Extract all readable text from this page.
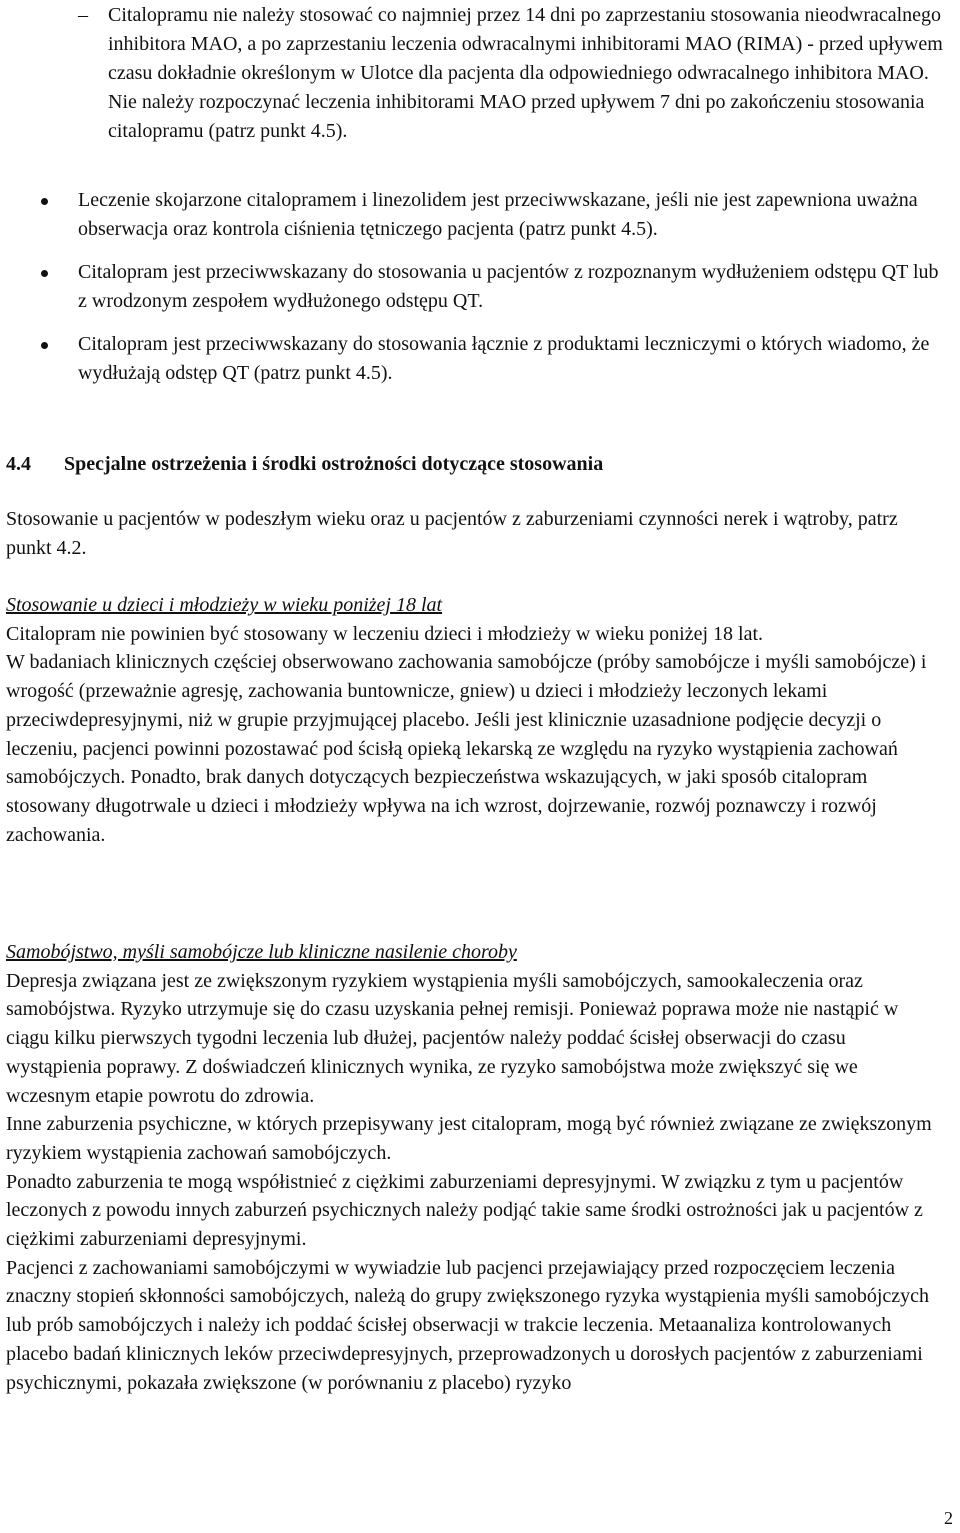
– Citalopramu nie należy stosować co najmniej przez 14 dni po zaprzestaniu stosowania nieodwracalnego inhibitora MAO, a po zaprzestaniu leczenia odwracalnymi inhibitorami MAO (RIMA) - przed upływem czasu dokładnie określonym w Ulotce dla pacjenta dla odpowiedniego odwracalnego inhibitora MAO. Nie należy rozpoczynać leczenia inhibitorami MAO przed upływem 7 dni po zakończeniu stosowania citalopramu (patrz punkt 4.5).
Leczenie skojarzone citalopramem i linezolidem jest przeciwwskazane, jeśli nie jest zapewniona uważna obserwacja oraz kontrola ciśnienia tętniczego pacjenta (patrz punkt 4.5).
Citalopram jest przeciwwskazany do stosowania u pacjentów z rozpoznanym wydłużeniem odstępu QT lub z wrodzonym zespołem wydłużonego odstępu QT.
Citalopram jest przeciwwskazany do stosowania łącznie z produktami leczniczymi o których wiadomo, że wydłużają odstęp QT (patrz punkt 4.5).
4.4 Specjalne ostrzeżenia i środki ostrożności dotyczące stosowania
Stosowanie u pacjentów w podeszłym wieku oraz u pacjentów z zaburzeniami czynności nerek i wątroby, patrz punkt 4.2.
Stosowanie u dzieci i młodzieży w wieku poniżej 18 lat
Citalopram nie powinien być stosowany w leczeniu dzieci i młodzieży w wieku poniżej 18 lat.
W badaniach klinicznych częściej obserwowano zachowania samobójcze (próby samobójcze i myśli samobójcze) i wrogość (przeważnie agresję, zachowania buntownicze, gniew) u dzieci i młodzieży leczonych lekami przeciwdepresyjnymi, niż w grupie przyjmującej placebo. Jeśli jest klinicznie uzasadnione podjęcie decyzji o leczeniu, pacjenci powinni pozostawać pod ścisłą opieką lekarską ze względu na ryzyko wystąpienia zachowań samobójczych. Ponadto, brak danych dotyczących bezpieczeństwa wskazujących, w jaki sposób citalopram stosowany długotrwale u dzieci i młodzieży wpływa na ich wzrost, dojrzewanie, rozwój poznawczy i rozwój zachowania.
Samobójstwo, myśli samobójcze lub kliniczne nasilenie choroby
Depresja związana jest ze zwiększonym ryzykiem wystąpienia myśli samobójczych, samookaleczenia oraz samobójstwa. Ryzyko utrzymuje się do czasu uzyskania pełnej remisji. Ponieważ poprawa może nie nastąpić w ciągu kilku pierwszych tygodni leczenia lub dłużej, pacjentów należy poddać ścisłej obserwacji do czasu wystąpienia poprawy. Z doświadczeń klinicznych wynika, ze ryzyko samobójstwa może zwiększyć się we wczesnym etapie powrotu do zdrowia.
Inne zaburzenia psychiczne, w których przepisywany jest citalopram, mogą być również związane ze zwiększonym ryzykiem wystąpienia zachowań samobójczych.
Ponadto zaburzenia te mogą współistnieć z ciężkimi zaburzeniami depresyjnymi. W związku z tym u pacjentów leczonych z powodu innych zaburzeń psychicznych należy podjąć takie same środki ostrożności jak u pacjentów z ciężkimi zaburzeniami depresyjnymi.
Pacjenci z zachowaniami samobójczymi w wywiadzie lub pacjenci przejawiający przed rozpoczęciem leczenia znaczny stopień skłonności samobójczych, należą do grupy zwiększonego ryzyka wystąpienia myśli samobójczych lub prób samobójczych i należy ich poddać ścisłej obserwacji w trakcie leczenia. Metaanaliza kontrolowanych placebo badań klinicznych leków przeciwdepresyjnych, przeprowadzonych u dorosłych pacjentów z zaburzeniami psychicznymi, pokazała zwiększone (w porównaniu z placebo) ryzyko
2
